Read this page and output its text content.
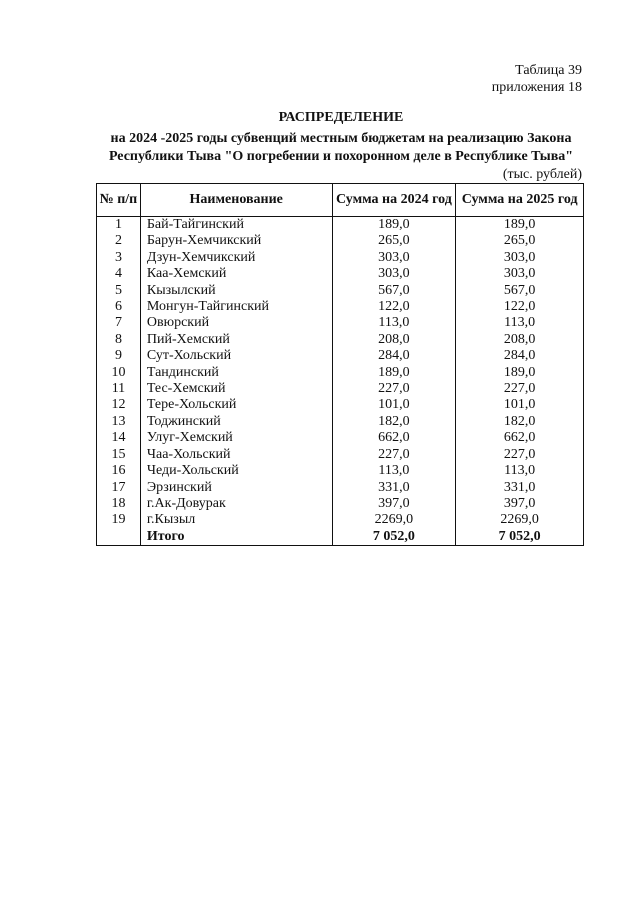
Таблица 39
приложения 18
РАСПРЕДЕЛЕНИЕ
на 2024 -2025 годы субвенций местным бюджетам на реализацию Закона
Республики Тыва "О погребении и похоронном деле в Республике Тыва"
(тыс. рублей)
№ п/п	Наименование	Сумма на 2024 год	Сумма на 2025 год
1	Бай-Тайгинский	189,0	189,0
2	Барун-Хемчикский	265,0	265,0
3	Дзун-Хемчикский	303,0	303,0
4	Каа-Хемский	303,0	303,0
5	Кызылский	567,0	567,0
6	Монгун-Тайгинский	122,0	122,0
7	Овюрский	113,0	113,0
8	Пий-Хемский	208,0	208,0
9	Сут-Хольский	284,0	284,0
10	Тандинский	189,0	189,0
11	Тес-Хемский	227,0	227,0
12	Тере-Хольский	101,0	101,0
13	Тоджинский	182,0	182,0
14	Улуг-Хемский	662,0	662,0
15	Чаа-Хольский	227,0	227,0
16	Чеди-Хольский	113,0	113,0
17	Эрзинский	331,0	331,0
18	г.Ак-Довурак	397,0	397,0
19	г.Кызыл	2269,0	2269,0
	Итого	7 052,0	7 052,0
